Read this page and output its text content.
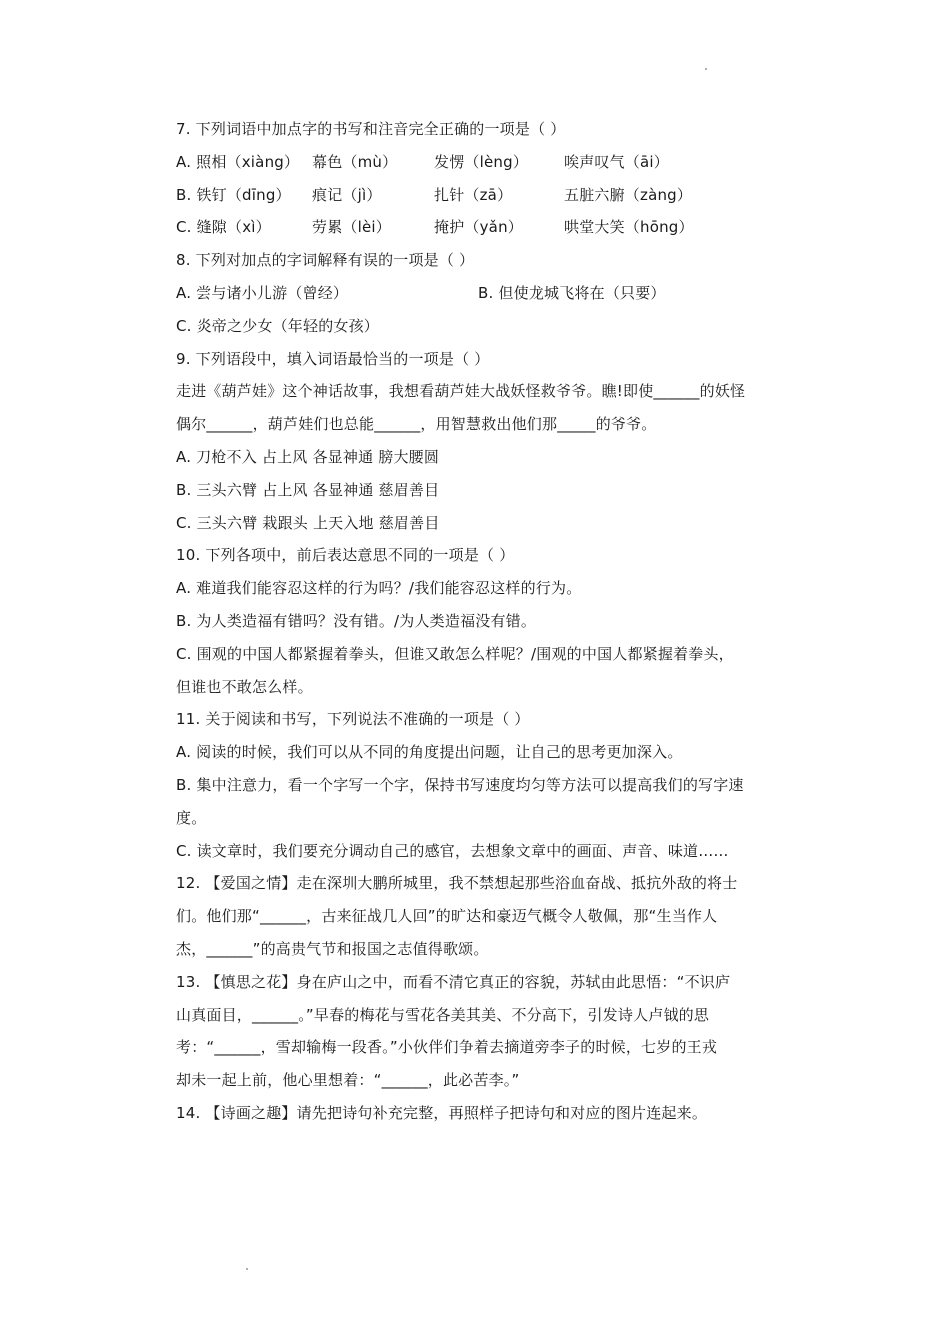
7. 下列词语中加点字的书写和注音完全正确的一项是（ ）
A. 照相（xiàng） 幕色（mù）	发愣（lèng）	唉声叹气（āi）
B. 铁钉（dīng）	痕记（jì）	扎针（zā）	五脏六腑（zàng）
C. 缝隙（xì）	劳累（lèi）	掩护（yǎn）	哄堂大笑（hōng）
8. 下列对加点的字词解释有误的一项是（ ）
A. 尝与诸小儿游（曾经）	B. 但使龙城飞将在（只要）
C. 炎帝之少女（年轻的女孩）
9. 下列语段中，填入词语最恰当的一项是（ ）
走进《葫芦娃》这个神话故事，我想看葫芦娃大战妖怪救爷爷。瞧!即使______的妖怪
偶尔______，葫芦娃们也总能______，用智慧救出他们那_____的爷爷。
A. 刀枪不入 占上风 各显神通 膀大腰圆
B. 三头六臂 占上风 各显神通 慈眉善目
C. 三头六臂 栽跟头 上天入地 慈眉善目
10. 下列各项中，前后表达意思不同的一项是（ ）
A. 难道我们能容忍这样的行为吗？/我们能容忍这样的行为。
B. 为人类造福有错吗？没有错。/为人类造福没有错。
C. 围观的中国人都紧握着拳头，但谁又敢怎么样呢？/围观的中国人都紧握着拳头，
但谁也不敢怎么样。
11. 关于阅读和书写，下列说法不准确的一项是（ ）
A. 阅读的时候，我们可以从不同的角度提出问题，让自己的思考更加深入。
B. 集中注意力，看一个字写一个字，保持书写速度均匀等方法可以提高我们的写字速
度。
C. 读文章时，我们要充分调动自己的感官，去想象文章中的画面、声音、味道……
12. 【爱国之情】走在深圳大鹏所城里，我不禁想起那些浴血奋战、抵抗外敌的将士
们。他们那“______，古来征战几人回”的旷达和豪迈气概令人敬佩，那“生当作人
杰，______”的高贵气节和报国之志值得歌颂。
13. 【慎思之花】身在庐山之中，而看不清它真正的容貌，苏轼由此思悟：“不识庐
山真面目，______。”早春的梅花与雪花各美其美、不分高下，引发诗人卢钺的思
考：“______，雪却输梅一段香。”小伙伴们争着去摘道旁李子的时候，七岁的王戎
却未一起上前，他心里想着：“______，此必苦李。”
14. 【诗画之趣】请先把诗句补充完整，再照样子把诗句和对应的图片连起来。
